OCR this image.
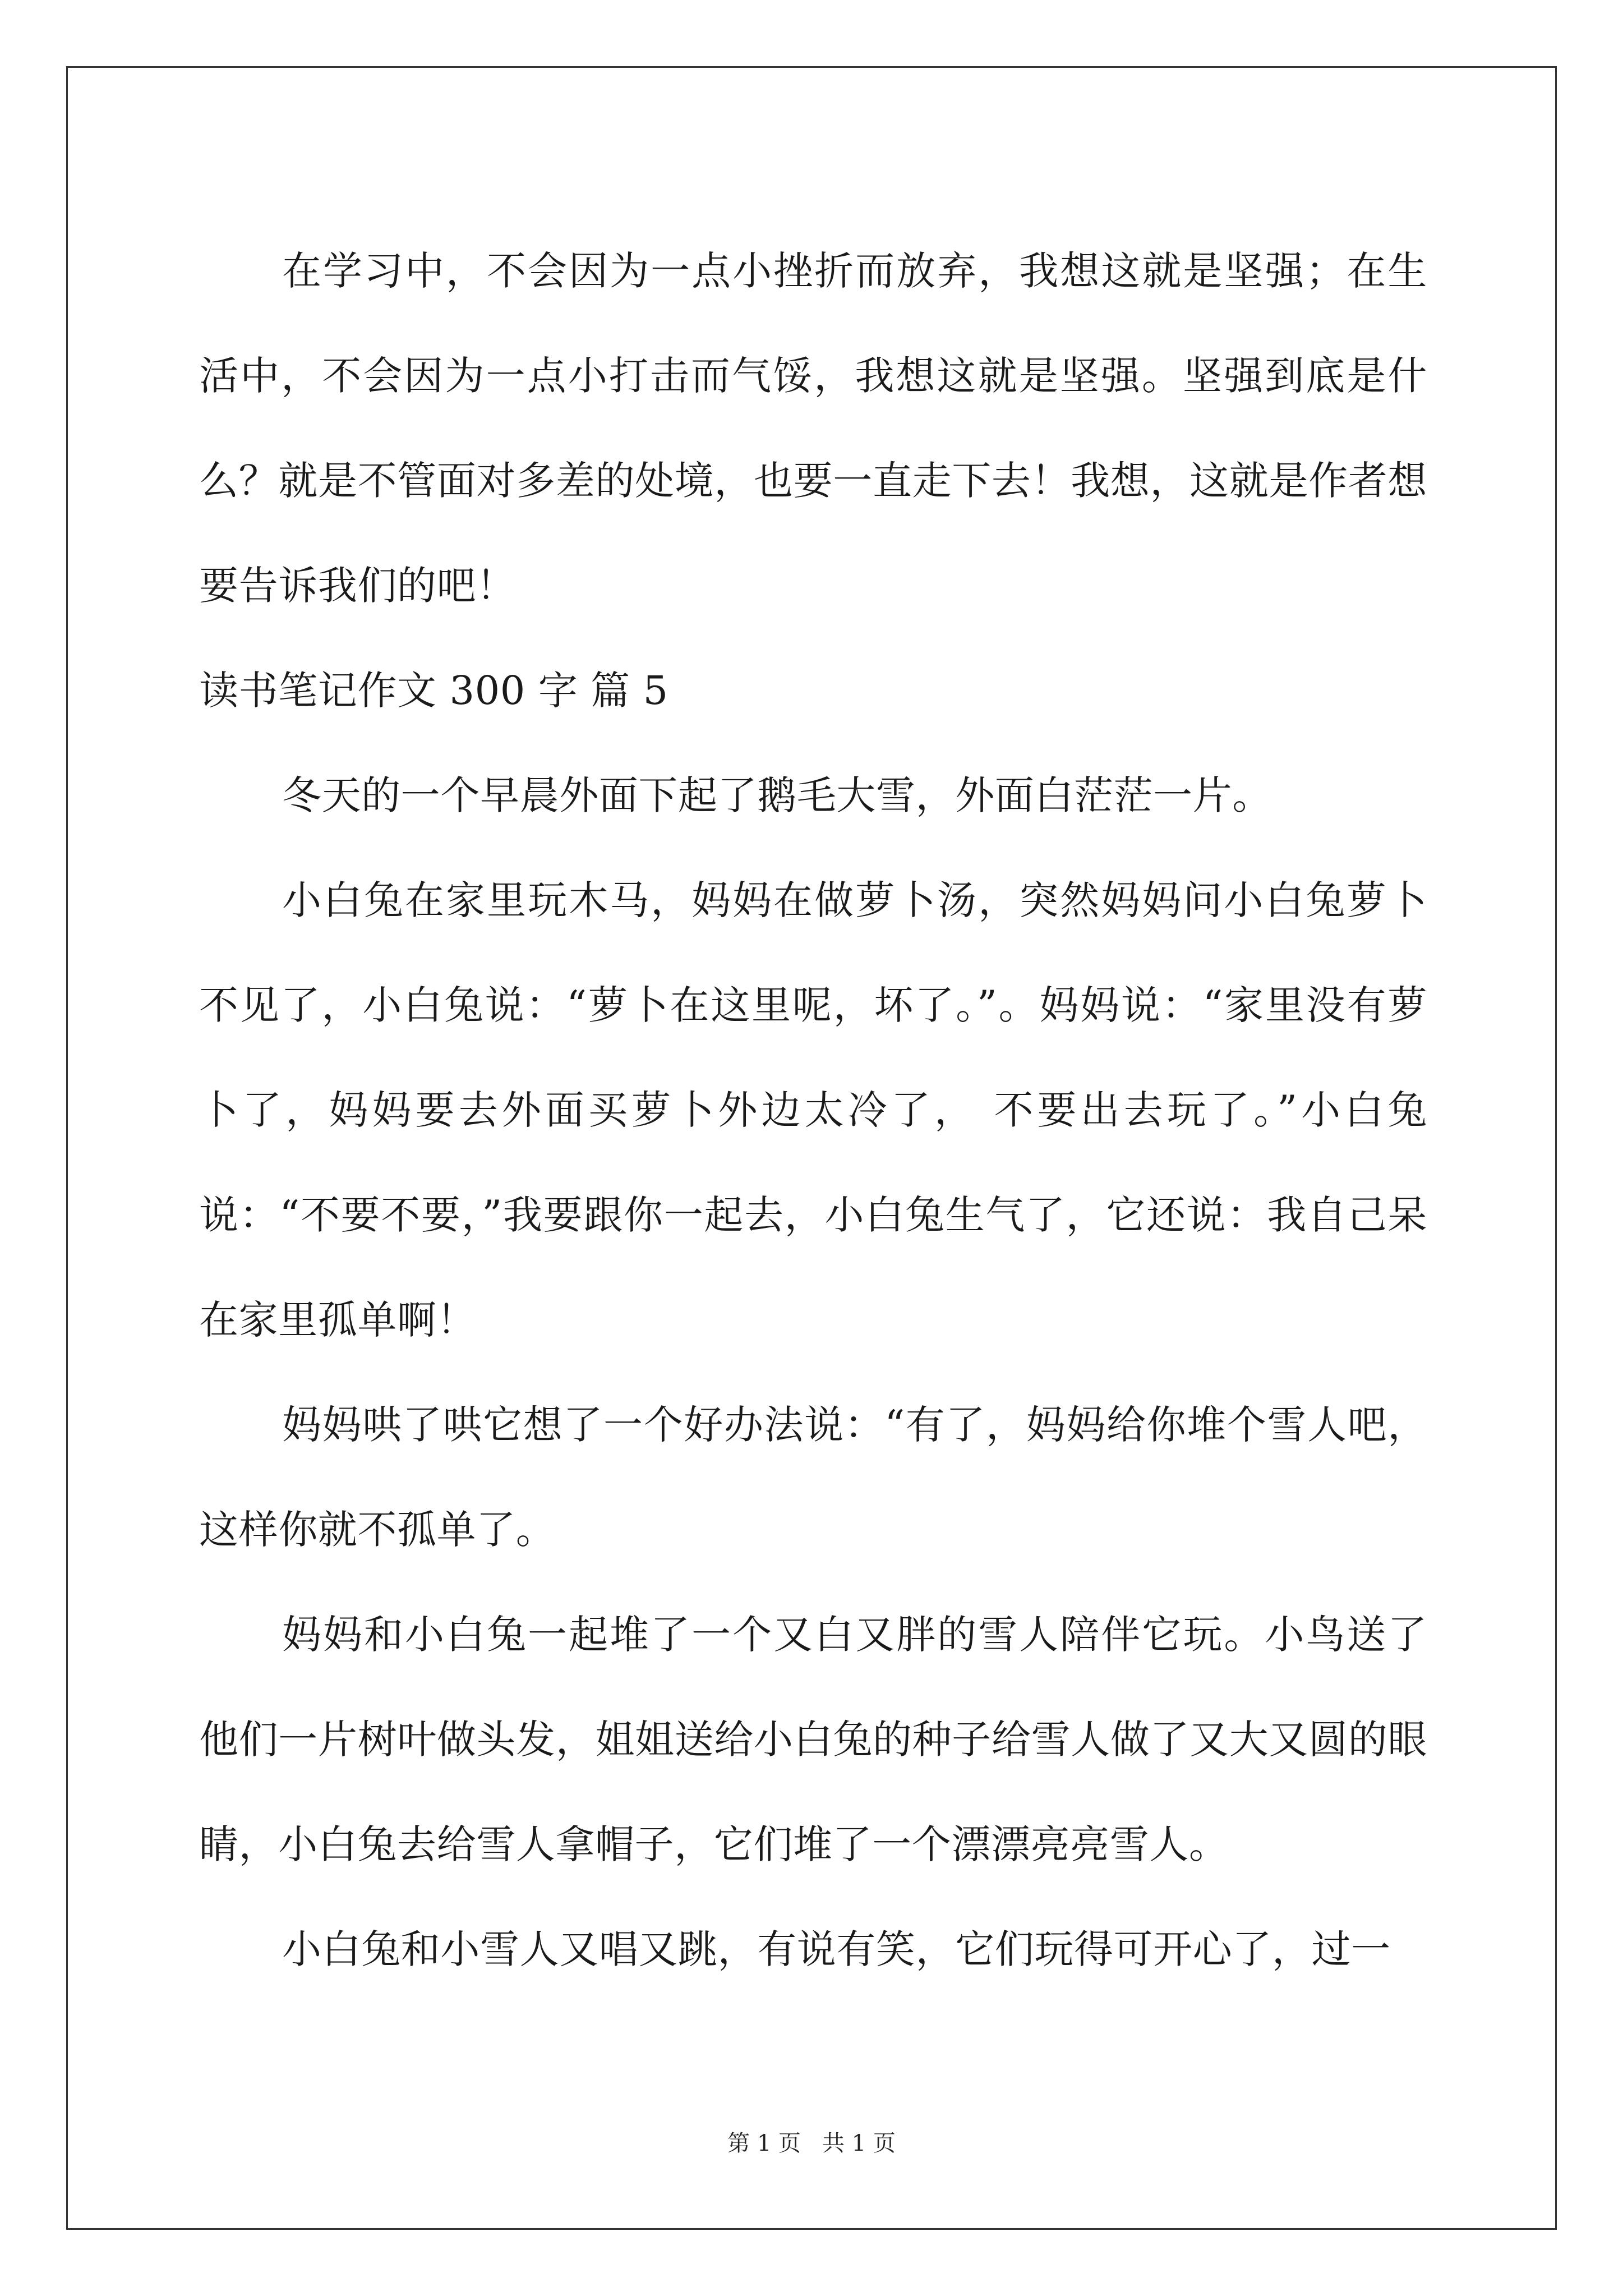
在学习中，不会因为一点小挫折而放弃，我想这就是坚强；在生活中，不会因为一点小打击而气馁，我想这就是坚强。坚强到底是什么？就是不管面对多差的处境，也要一直走下去！我想，这就是作者想要告诉我们的吧！

读书笔记作文 300 字 篇 5

冬天的一个早晨外面下起了鹅毛大雪，外面白茫茫一片。

小白兔在家里玩木马，妈妈在做萝卜汤，突然妈妈问小白兔萝卜不见了，小白兔说：“萝卜在这里呢，坏了。”。妈妈说：“家里没有萝卜了，妈妈要去外面买萝卜外边太冷了， 不要出去玩了。”小白兔说：“不要不要，”我要跟你一起去，小白兔生气了，它还说：我自己呆在家里孤单啊！

妈妈哄了哄它想了一个好办法说：“有了，妈妈给你堆个雪人吧，这样你就不孤单了。

妈妈和小白兔一起堆了一个又白又胖的雪人陪伴它玩。小鸟送了他们一片树叶做头发，姐姐送给小白兔的种子给雪人做了又大又圆的眼睛，小白兔去给雪人拿帽子，它们堆了一个漂漂亮亮雪人。

小白兔和小雪人又唱又跳，有说有笑，它们玩得可开心了，过一

第 1 页 共 1 页
